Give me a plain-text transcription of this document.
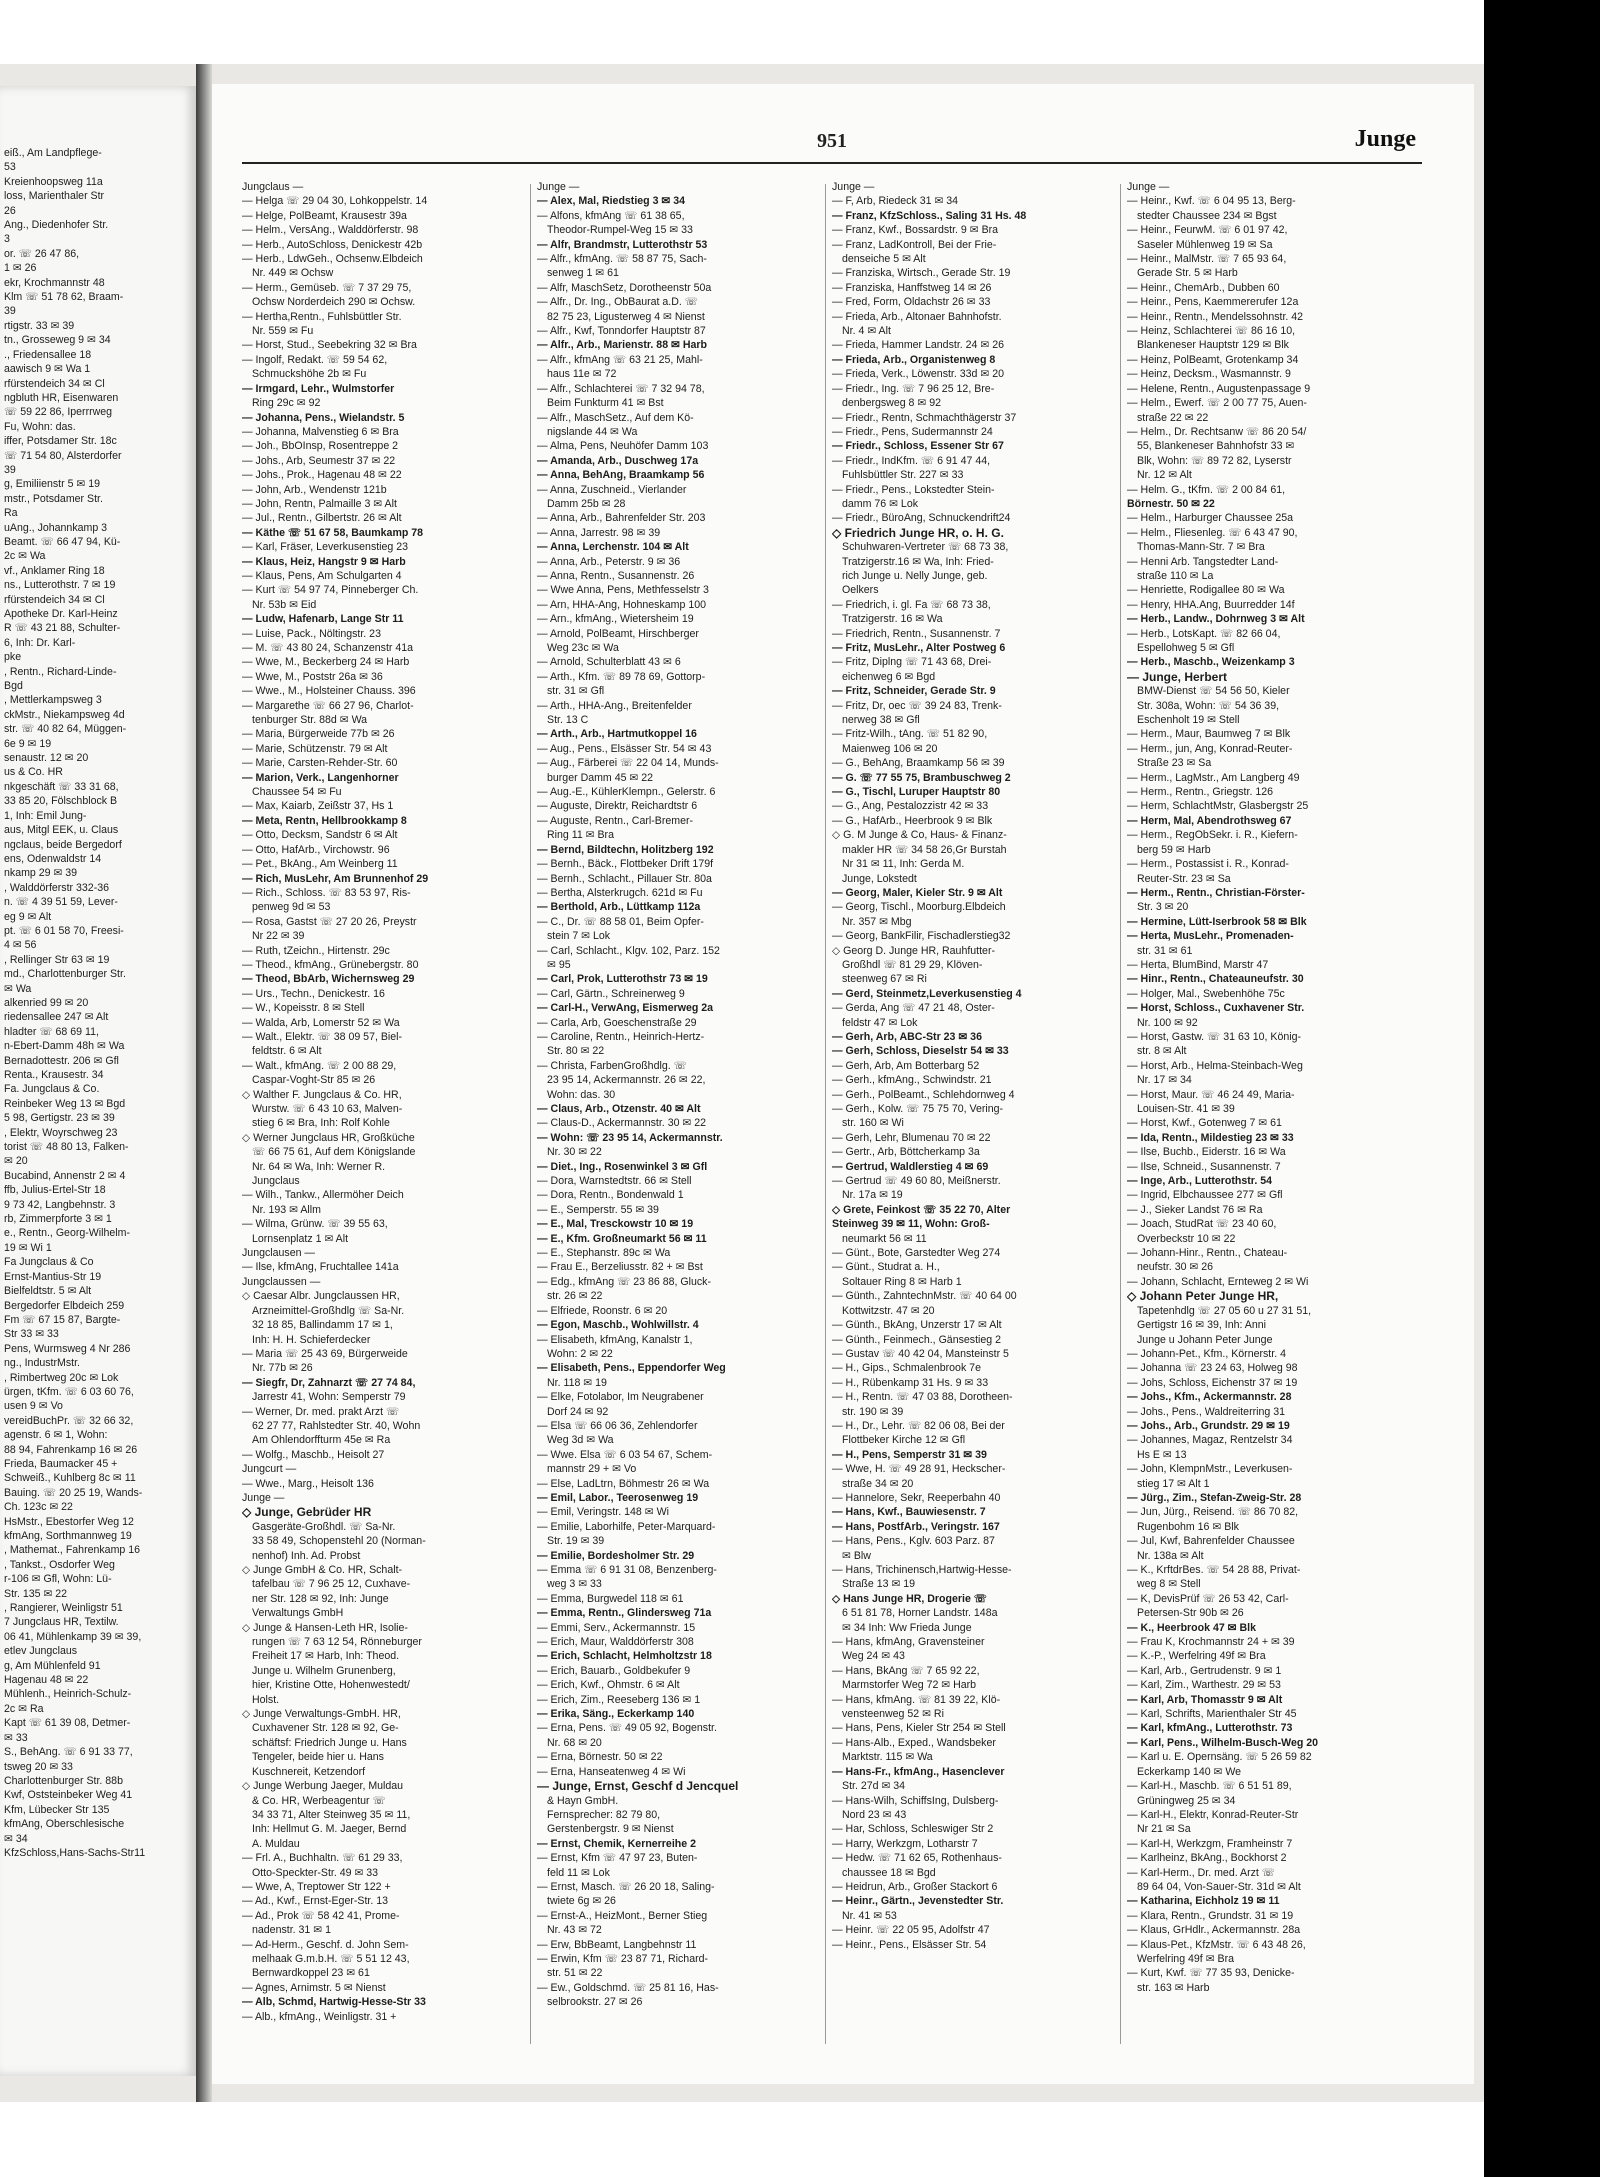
eiß., Am Landpflege-
53
Kreienhoopsweg 11a
loss, Marienthaler Str
26
Ang., Diedenhofer Str.
3
or. ☏ 26 47 86,
1 ✉ 26
ekr, Krochmannstr 48
Klm ☏ 51 78 62, Braam-
39
rtigstr. 33 ✉ 39
tn., Grosseweg 9 ✉ 34
., Friedensallee 18
aawisch 9 ✉ Wa 1
rfürstendeich 34 ✉ Cl
ngbluth HR, Eisenwaren
☏ 59 22 86, Iperrrweg
Fu, Wohn: das.
iffer, Potsdamer Str. 18c
☏ 71 54 80, Alsterdorfer
39
g, Emiliienstr 5 ✉ 19
mstr., Potsdamer Str.
Ra
uAng., Johannkamp 3
Beamt. ☏ 66 47 94, Kü-
2c ✉ Wa
vf., Anklamer Ring 18
ns., Lutterothstr. 7 ✉ 19
rfürstendeich 34 ✉ Cl
Apotheke Dr. Karl-Heinz
R ☏ 43 21 88, Schulter-
6, Inh: Dr. Karl-
pke
, Rentn., Richard-Linde-
Bgd
, Mettlerkampsweg 3
ckMstr., Niekampsweg 4d
str. ☏ 40 82 64, Müggen-
6e 9 ✉ 19
senaustr. 12 ✉ 20
us & Co. HR
nkgeschäft ☏ 33 31 68,
33 85 20, Fölschblock B
1, Inh: Emil Jung-
aus, Mitgl EEK, u. Claus
ngclaus, beide Bergedorf
ens, Odenwaldstr 14
nkamp 29 ✉ 39
, Walddörferstr 332-36
n. ☏ 4 39 51 59, Lever-
eg 9 ✉ Alt
pt. ☏ 6 01 58 70, Freesi-
4 ✉ 56
, Rellinger Str 63 ✉ 19
md., Charlottenburger Str.
✉ Wa
alkenried 99 ✉ 20
riedensallee 247 ✉ Alt
hladter ☏ 68 69 11,
n-Ebert-Damm 48h ✉ Wa
Bernadottestr. 206 ✉ Gfl
Renta., Krausestr. 34
Fa. Jungclaus & Co.
Reinbeker Weg 13 ✉ Bgd
5 98, Gertigstr. 23 ✉ 39
, Elektr, Woyrschweg 23
torist ☏ 48 80 13, Falken-
✉ 20
Bucabind, Annenstr 2 ✉ 4
ffb, Julius-Ertel-Str 18
9 73 42, Langbehnstr. 3
rb, Zimmerpforte 3 ✉ 1
e., Rentn., Georg-Wilhelm-
19 ✉ Wi 1
Fa Jungclaus & Co
Ernst-Mantius-Str 19
Bielfeldtstr. 5 ✉ Alt
Bergedorfer Elbdeich 259
Fm ☏ 67 15 87, Bargte-
Str 33 ✉ 33
Pens, Wurmsweg 4 Nr 286
ng., IndustrMstr.
, Rimbertweg 20c ✉ Lok
ürgen, tKfm. ☏ 6 03 60 76,
usen 9 ✉ Vo
vereidBuchPr. ☏ 32 66 32,
agenstr. 6 ✉ 1, Wohn:
88 94, Fahrenkamp 16 ✉ 26
Frieda, Baumacker 45 +
Schweiß., Kuhlberg 8c ✉ 11
Bauing. ☏ 20 25 19, Wands-
Ch. 123c ✉ 22
HsMstr., Ebestorfer Weg 12
kfmAng, Sorthmannweg 19
, Mathemat., Fahrenkamp 16
, Tankst., Osdorfer Weg
r-106 ✉ Gfl, Wohn: Lü-
Str. 135 ✉ 22
, Rangierer, Weinligstr 51
7 Jungclaus HR, Textilw.
06 41, Mühlenkamp 39 ✉ 39,
etlev Jungclaus
g, Am Mühlenfeld 91
Hagenau 48 ✉ 22
Mühlenh., Heinrich-Schulz-
2c ✉ Ra
Kapt ☏ 61 39 08, Detmer-
✉ 33
S., BehAng. ☏ 6 91 33 77,
tsweg 20 ✉ 33
Charlottenburger Str. 88b
Kwf, Oststeinbeker Weg 41
Kfm, Lübecker Str 135
kfmAng, Oberschlesische
✉ 34
KfzSchloss,Hans-Sachs-Str11
951	Junge
Jungclaus —
— Helga ☏ 29 04 30, Lohkoppelstr. 14
— Helge, PolBeamt, Krausestr 39a
— Helm., VersAng., Walddörferstr. 98
— Herb., AutoSchloss, Denickestr 42b
— Herb., LdwGeh., Ochsenw.Elbdeich
Nr. 449 ✉ Ochsw
— Herm., Gemüseb. ☏ 7 37 29 75,
Ochsw Norderdeich 290 ✉ Ochsw.
— Hertha,Rentn., Fuhlsbüttler Str.
Nr. 559 ✉ Fu
— Horst, Stud., Seebekring 32 ✉ Bra
— Ingolf, Redakt. ☏ 59 54 62,
Schmuckshöhe 2b ✉ Fu
— Irmgard, Lehr., Wulmstorfer
Ring 29c ✉ 92
— Johanna, Pens., Wielandstr. 5
— Johanna, Malvenstieg 6 ✉ Bra
— Joh., BbOInsp, Rosentreppe 2
— Johs., Arb, Seumestr 37 ✉ 22
— Johs., Prok., Hagenau 48 ✉ 22
— John, Arb., Wendenstr 121b
— John, Rentn, Palmaille 3 ✉ Alt
— Jul., Rentn., Gilbertstr. 26 ✉ Alt
— Käthe ☏ 51 67 58, Baumkamp 78
— Karl, Fräser, Leverkusenstieg 23
— Klaus, Heiz, Hangstr 9 ✉ Harb
— Klaus, Pens, Am Schulgarten 4
— Kurt ☏ 54 97 74, Pinneberger Ch.
Nr. 53b ✉ Eid
— Ludw, Hafenarb, Lange Str 11
— Luise, Pack., Nöltingstr. 23
— M. ☏ 43 80 24, Schanzenstr 41a
— Wwe, M., Beckerberg 24 ✉ Harb
— Wwe, M., Poststr 26a ✉ 36
— Wwe., M., Holsteiner Chauss. 396
— Margarethe ☏ 66 27 96, Charlot-
tenburger Str. 88d ✉ Wa
— Maria, Bürgerweide 77b ✉ 26
— Marie, Schützenstr. 79 ✉ Alt
— Marie, Carsten-Rehder-Str. 60
— Marion, Verk., Langenhorner
Chaussee 54 ✉ Fu
— Max, Kaiarb, Zeißstr 37, Hs 1
— Meta, Rentn, Hellbrookkamp 8
— Otto, Decksm, Sandstr 6 ✉ Alt
— Otto, HafArb., Virchowstr. 96
— Pet., BkAng., Am Weinberg 11
— Rich, MusLehr, Am Brunnenhof 29
— Rich., Schloss. ☏ 83 53 97, Ris-
penweg 9d ✉ 53
— Rosa, Gastst ☏ 27 20 26, Preystr
Nr 22 ✉ 39
— Ruth, tZeichn., Hirtenstr. 29c
— Theod., kfmAng., Grünebergstr. 80
— Theod, BbArb, Wichernsweg 29
— Urs., Techn., Denickestr. 16
— W., Kopeisstr. 8 ✉ Stell
— Walda, Arb, Lomerstr 52 ✉ Wa
— Walt., Elektr. ☏ 38 09 57, Biel-
feldtstr. 6 ✉ Alt
— Walt., kfmAng. ☏ 2 00 88 29,
Caspar-Voght-Str 85 ✉ 26
◇ Walther F. Jungclaus & Co. HR,
Wurstw. ☏ 6 43 10 63, Malven-
stieg 6 ✉ Bra, Inh: Rolf Kohle
◇ Werner Jungclaus HR, Großküche
☏ 66 75 61, Auf dem Königslande
Nr. 64 ✉ Wa, Inh: Werner R.
Jungclaus
— Wilh., Tankw., Allermöher Deich
Nr. 193 ✉ Allm
— Wilma, Grünw. ☏ 39 55 63,
Lornsenplatz 1 ✉ Alt
Jungclausen —
— Ilse, kfmAng, Fruchtallee 141a
Jungclaussen —
◇ Caesar Albr. Jungclaussen HR,
Arzneimittel-Großhdlg ☏ Sa-Nr.
32 18 85, Ballindamm 17 ✉ 1,
Inh: H. H. Schieferdecker
— Maria ☏ 25 43 69, Bürgerweide
Nr. 77b ✉ 26
— Siegfr, Dr, Zahnarzt ☏ 27 74 84,
Jarrestr 41, Wohn: Semperstr 79
— Werner, Dr. med. prakt Arzt ☏
62 27 77, Rahlstedter Str. 40, Wohn
Am Ohlendorffturm 45e ✉ Ra
— Wolfg., Maschb., Heisolt 27
Jungcurt —
— Wwe., Marg., Heisolt 136
Junge —
◇ Junge, Gebrüder HR
Gasgeräte-Großhdl. ☏ Sa-Nr.
33 58 49, Schopenstehl 20 (Norman-
nenhof) Inh. Ad. Probst
◇ Junge GmbH & Co. HR, Schalt-
tafelbau ☏ 7 96 25 12, Cuxhave-
ner Str. 128 ✉ 92, Inh: Junge
Verwaltungs GmbH
◇ Junge & Hansen-Leth HR, Isolie-
rungen ☏ 7 63 12 54, Rönneburger
Freiheit 17 ✉ Harb, Inh: Theod.
Junge u. Wilhelm Grunenberg,
hier, Kristine Otte, Hohenwestedt/
Holst.
◇ Junge Verwaltungs-GmbH. HR,
Cuxhavener Str. 128 ✉ 92, Ge-
schäftsf: Friedrich Junge u. Hans
Tengeler, beide hier u. Hans
Kuschnereit, Ketzendorf
◇ Junge Werbung Jaeger, Muldau
& Co. HR, Werbeagentur ☏
34 33 71, Alter Steinweg 35 ✉ 11,
Inh: Hellmut G. M. Jaeger, Bernd
A. Muldau
— Frl. A., Buchhaltn. ☏ 61 29 33,
Otto-Speckter-Str. 49 ✉ 33
— Wwe, A, Treptower Str 122 +
— Ad., Kwf., Ernst-Eger-Str. 13
— Ad., Prok ☏ 58 42 41, Prome-
nadenstr. 31 ✉ 1
— Ad-Herm., Geschf. d. John Sem-
melhaak G.m.b.H. ☏ 5 51 12 43,
Bernwardkoppel 23 ✉ 61
— Agnes, Arnimstr. 5 ✉ Nienst
— Alb, Schmd, Hartwig-Hesse-Str 33
— Alb., kfmAng., Weinligstr. 31 +
Junge —
— Alex, Mal, Riedstieg 3 ✉ 34
— Alfons, kfmAng ☏ 61 38 65,
Theodor-Rumpel-Weg 15 ✉ 33
— Alfr, Brandmstr, Lutterothstr 53
— Alfr., kfmAng. ☏ 58 87 75, Sach-
senweg 1 ✉ 61
— Alfr, MaschSetz, Dorotheenstr 50a
— Alfr., Dr. Ing., ObBaurat a.D. ☏
82 75 23, Ligusterweg 4 ✉ Nienst
— Alfr., Kwf, Tonndorfer Hauptstr 87
— Alfr., Arb., Marienstr. 88 ✉ Harb
— Alfr., kfmAng ☏ 63 21 25, Mahl-
haus 11e ✉ 72
— Alfr., Schlachterei ☏ 7 32 94 78,
Beim Funkturm 41 ✉ Bst
— Alfr., MaschSetz., Auf dem Kö-
nigslande 44 ✉ Wa
— Alma, Pens, Neuhöfer Damm 103
— Amanda, Arb., Duschweg 17a
— Anna, BehAng, Braamkamp 56
— Anna, Zuschneid., Vierlander
Damm 25b ✉ 28
— Anna, Arb., Bahrenfelder Str. 203
— Anna, Jarrestr. 98 ✉ 39
— Anna, Lerchenstr. 104 ✉ Alt
— Anna, Arb., Peterstr. 9 ✉ 36
— Anna, Rentn., Susannenstr. 26
— Wwe Anna, Pens, Methfesselstr 3
— Arn, HHA-Ang, Hohneskamp 100
— Arn., kfmAng., Wietersheim 19
— Arnold, PolBeamt, Hirschberger
Weg 23c ✉ Wa
— Arnold, Schulterblatt 43 ✉ 6
— Arth., Kfm. ☏ 89 78 69, Gottorp-
str. 31 ✉ Gfl
— Arth., HHA-Ang., Breitenfelder
Str. 13 C
— Arth., Arb., Hartmutkoppel 16
— Aug., Pens., Elsässer Str. 54 ✉ 43
— Aug., Färberei ☏ 22 04 14, Munds-
burger Damm 45 ✉ 22
— Aug.-E., KühlerKlempn., Gelerstr. 6
— Auguste, Direktr, Reichardtstr 6
— Auguste, Rentn., Carl-Bremer-
Ring 11 ✉ Bra
— Bernd, Bildtechn, Holitzberg 192
— Bernh., Bäck., Flottbeker Drift 179f
— Bernh., Schlacht., Pillauer Str. 80a
— Bertha, Alsterkrugch. 621d ✉ Fu
— Berthold, Arb., Lüttkamp 112a
— C., Dr. ☏ 88 58 01, Beim Opfer-
stein 7 ✉ Lok
— Carl, Schlacht., Klgv. 102, Parz. 152
✉ 95
— Carl, Prok, Lutterothstr 73 ✉ 19
— Carl, Gärtn., Schreinerweg 9
— Carl-H., VerwAng, Eismerweg 2a
— Carla, Arb, Goeschenstraße 29
— Caroline, Rentn., Heinrich-Hertz-
Str. 80 ✉ 22
— Christa, FarbenGroßhdlg. ☏
23 95 14, Ackermannstr. 26 ✉ 22,
Wohn: das. 30
— Claus, Arb., Otzenstr. 40 ✉ Alt
— Claus-D., Ackermannstr. 30 ✉ 22
— Wohn: ☏ 23 95 14, Ackermannstr.
Nr. 30 ✉ 22
— Diet., Ing., Rosenwinkel 3 ✉ Gfl
— Dora, Warnstedtstr. 66 ✉ Stell
— Dora, Rentn., Bondenwald 1
— E., Semperstr. 55 ✉ 39
— E., Mal, Tresckowstr 10 ✉ 19
— E., Kfm. Großneumarkt 56 ✉ 11
— E., Stephanstr. 89c ✉ Wa
— Frau E., Berzeliusstr. 82 + ✉ Bst
— Edg., kfmAng ☏ 23 86 88, Gluck-
str. 26 ✉ 22
— Elfriede, Roonstr. 6 ✉ 20
— Egon, Maschb., Wohlwillstr. 4
— Elisabeth, kfmAng, Kanalstr 1,
Wohn: 2 ✉ 22
— Elisabeth, Pens., Eppendorfer Weg
Nr. 118 ✉ 19
— Elke, Fotolabor, Im Neugrabener
Dorf 24 ✉ 92
— Elsa ☏ 66 06 36, Zehlendorfer
Weg 3d ✉ Wa
— Wwe. Elsa ☏ 6 03 54 67, Schem-
mannstr 29 + ✉ Vo
— Else, LadLtrn, Böhmestr 26 ✉ Wa
— Emil, Labor., Teerosenweg 19
— Emil, Veringstr. 148 ✉ Wi
— Emilie, Laborhilfe, Peter-Marquard-
Str. 19 ✉ 39
— Emilie, Bordesholmer Str. 29
— Emma ☏ 6 91 31 08, Benzenberg-
weg 3 ✉ 33
— Emma, Burgwedel 118 ✉ 61
— Emma, Rentn., Glindersweg 71a
— Emmi, Serv., Ackermannstr. 15
— Erich, Maur, Walddörferstr 308
— Erich, Schlacht, Helmholtzstr 18
— Erich, Bauarb., Goldbekufer 9
— Erich, Kwf., Ohmstr. 6 ✉ Alt
— Erich, Zim., Reeseberg 136 ✉ 1
— Erika, Säng., Eckerkamp 140
— Erna, Pens. ☏ 49 05 92, Bogenstr.
Nr. 68 ✉ 20
— Erna, Börnestr. 50 ✉ 22
— Erna, Hanseatenweg 4 ✉ Wi
— Junge, Ernst, Geschf d Jencquel
& Hayn GmbH.
Fernsprecher: 82 79 80,
Gerstenbergstr. 9 ✉ Nienst
— Ernst, Chemik, Kernerreihe 2
— Ernst, Kfm ☏ 47 97 23, Buten-
feld 11 ✉ Lok
— Ernst, Masch. ☏ 26 20 18, Saling-
twiete 6g ✉ 26
— Ernst-A., HeizMont., Berner Stieg
Nr. 43 ✉ 72
— Erw, BbBeamt, Langbehnstr 11
— Erwin, Kfm ☏ 23 87 71, Richard-
str. 51 ✉ 22
— Ew., Goldschmd. ☏ 25 81 16, Has-
selbrookstr. 27 ✉ 26
Junge —
— F, Arb, Riedeck 31 ✉ 34
— Franz, KfzSchloss., Saling 31 Hs. 48
— Franz, Kwf., Bossardstr. 9 ✉ Bra
— Franz, LadKontroll, Bei der Frie-
denseiche 5 ✉ Alt
— Franziska, Wirtsch., Gerade Str. 19
— Franziska, Hanffstweg 14 ✉ 26
— Fred, Form, Oldachstr 26 ✉ 33
— Frieda, Arb., Altonaer Bahnhofstr.
Nr. 4 ✉ Alt
— Frieda, Hammer Landstr. 24 ✉ 26
— Frieda, Arb., Organistenweg 8
— Frieda, Verk., Löwenstr. 33d ✉ 20
— Friedr., Ing. ☏ 7 96 25 12, Bre-
denbergsweg 8 ✉ 92
— Friedr., Rentn, Schmachthägerstr 37
— Friedr., Pens, Sudermannstr 24
— Friedr., Schloss, Essener Str 67
— Friedr., IndKfm. ☏ 6 91 47 44,
Fuhlsbüttler Str. 227 ✉ 33
— Friedr., Pens., Lokstedter Stein-
damm 76 ✉ Lok
— Friedr., BüroAng, Schnuckendrift24
◇ Friedrich Junge HR, o. H. G.
Schuhwaren-Vertreter ☏ 68 73 38,
Tratzigerstr.16 ✉ Wa, Inh: Fried-
rich Junge u. Nelly Junge, geb.
Oelkers
— Friedrich, i. gl. Fa ☏ 68 73 38,
Tratzigerstr. 16 ✉ Wa
— Friedrich, Rentn., Susannenstr. 7
— Fritz, MusLehr., Alter Postweg 6
— Fritz, Diplng ☏ 71 43 68, Drei-
eichenweg 6 ✉ Bgd
— Fritz, Schneider, Gerade Str. 9
— Fritz, Dr, oec ☏ 39 24 83, Trenk-
nerweg 38 ✉ Gfl
— Fritz-Wilh., tAng. ☏ 51 82 90,
Maienweg 106 ✉ 20
— G., BehAng, Braamkamp 56 ✉ 39
— G. ☏ 77 55 75, Brambuschweg 2
— G., Tischl, Luruper Hauptstr 80
— G., Ang, Pestalozzistr 42 ✉ 33
— G., HafArb., Heerbrook 9 ✉ Blk
◇ G. M Junge & Co, Haus- & Finanz-
makler HR ☏ 34 58 26,Gr Burstah
Nr 31 ✉ 11, Inh: Gerda M.
Junge, Lokstedt
— Georg, Maler, Kieler Str. 9 ✉ Alt
— Georg, Tischl., Moorburg.Elbdeich
Nr. 357 ✉ Mbg
— Georg, BankFilir, Fischadlerstieg32
◇ Georg D. Junge HR, Rauhfutter-
Großhdl ☏ 81 29 29, Klöven-
steenweg 67 ✉ Ri
— Gerd, Steinmetz,Leverkusenstieg 4
— Gerda, Ang ☏ 47 21 48, Oster-
feldstr 47 ✉ Lok
— Gerh, Arb, ABC-Str 23 ✉ 36
— Gerh, Schloss, Dieselstr 54 ✉ 33
— Gerh, Arb, Am Botterbarg 52
— Gerh., kfmAng., Schwindstr. 21
— Gerh., PolBeamt., Schlehdornweg 4
— Gerh., Kolw. ☏ 75 75 70, Vering-
str. 160 ✉ Wi
— Gerh, Lehr, Blumenau 70 ✉ 22
— Gertr., Arb, Böttcherkamp 3a
— Gertrud, Waldlerstieg 4 ✉ 69
— Gertrud ☏ 49 60 80, Meißnerstr.
Nr. 17a ✉ 19
◇ Grete, Feinkost ☏ 35 22 70, Alter
Steinweg 39 ✉ 11, Wohn: Groß-
neumarkt 56 ✉ 11
— Günt., Bote, Garstedter Weg 274
— Günt., Studrat a. H.,
Soltauer Ring 8 ✉ Harb 1
— Günth., ZahntechnMstr. ☏ 40 64 00
Kottwitzstr. 47 ✉ 20
— Günth., BkAng, Unzerstr 17 ✉ Alt
— Günth., Feinmech., Gänsestieg 2
— Gustav ☏ 40 42 04, Mansteinstr 5
— H., Gips., Schmalenbrook 7e
— H., Rübenkamp 31 Hs. 9 ✉ 33
— H., Rentn. ☏ 47 03 88, Dorotheen-
str. 190 ✉ 39
— H., Dr., Lehr. ☏ 82 06 08, Bei der
Flottbeker Kirche 12 ✉ Gfl
— H., Pens, Semperstr 31 ✉ 39
— Wwe, H. ☏ 49 28 91, Heckscher-
straße 34 ✉ 20
— Hannelore, Sekr, Reeperbahn 40
— Hans, Kwf., Bauwiesenstr. 7
— Hans, PostfArb., Veringstr. 167
— Hans, Pens., Kglv. 603 Parz. 87
✉ Blw
— Hans, Trichinensch,Hartwig-Hesse-
Straße 13 ✉ 19
◇ Hans Junge HR, Drogerie ☏
6 51 81 78, Horner Landstr. 148a
✉ 34 Inh: Ww Frieda Junge
— Hans, kfmAng, Gravensteiner
Weg 24 ✉ 43
— Hans, BkAng ☏ 7 65 92 22,
Marmstorfer Weg 72 ✉ Harb
— Hans, kfmAng. ☏ 81 39 22, Klö-
vensteenweg 52 ✉ Ri
— Hans, Pens, Kieler Str 254 ✉ Stell
— Hans-Alb., Exped., Wandsbeker
Marktstr. 115 ✉ Wa
— Hans-Fr., kfmAng., Hasenclever
Str. 27d ✉ 34
— Hans-Wilh, SchiffsIng, Dulsberg-
Nord 23 ✉ 43
— Har, Schloss, Schleswiger Str 2
— Harry, Werkzgm, Lotharstr 7
— Hedw. ☏ 71 62 65, Rothenhaus-
chaussee 18 ✉ Bgd
— Heidrun, Arb., Großer Stackort 6
— Heinr., Gärtn., Jevenstedter Str.
Nr. 41 ✉ 53
— Heinr. ☏ 22 05 95, Adolfstr 47
— Heinr., Pens., Elsässer Str. 54
Junge —
— Heinr., Kwf. ☏ 6 04 95 13, Berg-
stedter Chaussee 234 ✉ Bgst
— Heinr., FeurwM. ☏ 6 01 97 42,
Saseler Mühlenweg 19 ✉ Sa
— Heinr., MalMstr. ☏ 7 65 93 64,
Gerade Str. 5 ✉ Harb
— Heinr., ChemArb., Dubben 60
— Heinr., Pens, Kaemmererufer 12a
— Heinr., Rentn., Mendelssohnstr. 42
— Heinz, Schlachterei ☏ 86 16 10,
Blankeneser Hauptstr 129 ✉ Blk
— Heinz, PolBeamt, Grotenkamp 34
— Heinz, Decksm., Wasmannstr. 9
— Helene, Rentn., Augustenpassage 9
— Helm., Ewerf. ☏ 2 00 77 75, Auen-
straße 22 ✉ 22
— Helm., Dr. Rechtsanw ☏ 86 20 54/
55, Blankeneser Bahnhofstr 33 ✉
Blk, Wohn: ☏ 89 72 82, Lyserstr
Nr. 12 ✉ Alt
— Helm. G., tKfm. ☏ 2 00 84 61,
Börnestr. 50 ✉ 22
— Helm., Harburger Chaussee 25a
— Helm., Fliesenleg. ☏ 6 43 47 90,
Thomas-Mann-Str. 7 ✉ Bra
— Henni Arb. Tangstedter Land-
straße 110 ✉ La
— Henriette, Rodigallee 80 ✉ Wa
— Henry, HHA.Ang, Buurredder 14f
— Herb., Landw., Dohrnweg 3 ✉ Alt
— Herb., LotsKapt. ☏ 82 66 04,
Espellohweg 5 ✉ Gfl
— Herb., Maschb., Weizenkamp 3
— Junge, Herbert
BMW-Dienst ☏ 54 56 50, Kieler
Str. 308a, Wohn: ☏ 54 36 39,
Eschenholt 19 ✉ Stell
— Herm., Maur, Baumweg 7 ✉ Blk
— Herm., jun, Ang, Konrad-Reuter-
Straße 23 ✉ Sa
— Herm., LagMstr., Am Langberg 49
— Herm., Rentn., Griegstr. 126
— Herm, SchlachtMstr, Glasbergstr 25
— Herm, Mal, Abendrothsweg 67
— Herm., RegObSekr. i. R., Kiefern-
berg 59 ✉ Harb
— Herm., Postassist i. R., Konrad-
Reuter-Str. 23 ✉ Sa
— Herm., Rentn., Christian-Förster-
Str. 3 ✉ 20
— Hermine, Lütt-Iserbrook 58 ✉ Blk
— Herta, MusLehr., Promenaden-
str. 31 ✉ 61
— Herta, BlumBind, Marstr 47
— Hinr., Rentn., Chateauneufstr. 30
— Holger, Mal., Swebenhöhe 75c
— Horst, Schloss., Cuxhavener Str.
Nr. 100 ✉ 92
— Horst, Gastw. ☏ 31 63 10, König-
str. 8 ✉ Alt
— Horst, Arb., Helma-Steinbach-Weg
Nr. 17 ✉ 34
— Horst, Maur. ☏ 46 24 49, Maria-
Louisen-Str. 41 ✉ 39
— Horst, Kwf., Gotenweg 7 ✉ 61
— Ida, Rentn., Mildestieg 23 ✉ 33
— Ilse, Buchb., Eiderstr. 16 ✉ Wa
— Ilse, Schneid., Susannenstr. 7
— Inge, Arb., Lutterothstr. 54
— Ingrid, Elbchaussee 277 ✉ Gfl
— J., Sieker Landst 76 ✉ Ra
— Joach, StudRat ☏ 23 40 60,
Overbeckstr 10 ✉ 22
— Johann-Hinr., Rentn., Chateau-
neufstr. 30 ✉ 26
— Johann, Schlacht, Ernteweg 2 ✉ Wi
◇ Johann Peter Junge HR,
Tapetenhdlg ☏ 27 05 60 u 27 31 51,
Gertigstr 16 ✉ 39, Inh: Anni
Junge u Johann Peter Junge
— Johann-Pet., Kfm., Körnerstr. 4
— Johanna ☏ 23 24 63, Holweg 98
— Johs, Schloss, Eichenstr 37 ✉ 19
— Johs., Kfm., Ackermannstr. 28
— Johs., Pens., Waldreiterring 31
— Johs., Arb., Grundstr. 29 ✉ 19
— Johannes, Magaz, Rentzelstr 34
Hs E ✉ 13
— John, KlempnMstr., Leverkusen-
stieg 17 ✉ Alt 1
— Jürg., Zim., Stefan-Zweig-Str. 28
— Jun, Jürg., Reisend. ☏ 86 70 82,
Rugenbohm 16 ✉ Blk
— Jul, Kwf, Bahrenfelder Chaussee
Nr. 138a ✉ Alt
— K., KrftdrBes. ☏ 54 28 88, Privat-
weg 8 ✉ Stell
— K, DevisPrüf ☏ 26 53 42, Carl-
Petersen-Str 90b ✉ 26
— K., Heerbrook 47 ✉ Blk
— Frau K, Krochmannstr 24 + ✉ 39
— K.-P., Werfelring 49f ✉ Bra
— Karl, Arb., Gertrudenstr. 9 ✉ 1
— Karl, Zim., Warthestr. 29 ✉ 53
— Karl, Arb, Thomasstr 9 ✉ Alt
— Karl, Schrifts, Marienthaler Str 45
— Karl, kfmAng., Lutterothstr. 73
— Karl, Pens., Wilhelm-Busch-Weg 20
— Karl u. E. Opernsäng. ☏ 5 26 59 82
Eckerkamp 140 ✉ We
— Karl-H., Maschb. ☏ 6 51 51 89,
Grüningweg 25 ✉ 34
— Karl-H., Elektr, Konrad-Reuter-Str
Nr 21 ✉ Sa
— Karl-H, Werkzgm, Framheinstr 7
— Karlheinz, BkAng., Bockhorst 2
— Karl-Herm., Dr. med. Arzt ☏
89 64 04, Von-Sauer-Str. 31d ✉ Alt
— Katharina, Eichholz 19 ✉ 11
— Klara, Rentn., Grundstr. 31 ✉ 19
— Klaus, GrHdlr., Ackermannstr. 28a
— Klaus-Pet., KfzMstr. ☏ 6 43 48 26,
Werfelring 49f ✉ Bra
— Kurt, Kwf. ☏ 77 35 93, Denicke-
str. 163 ✉ Harb
